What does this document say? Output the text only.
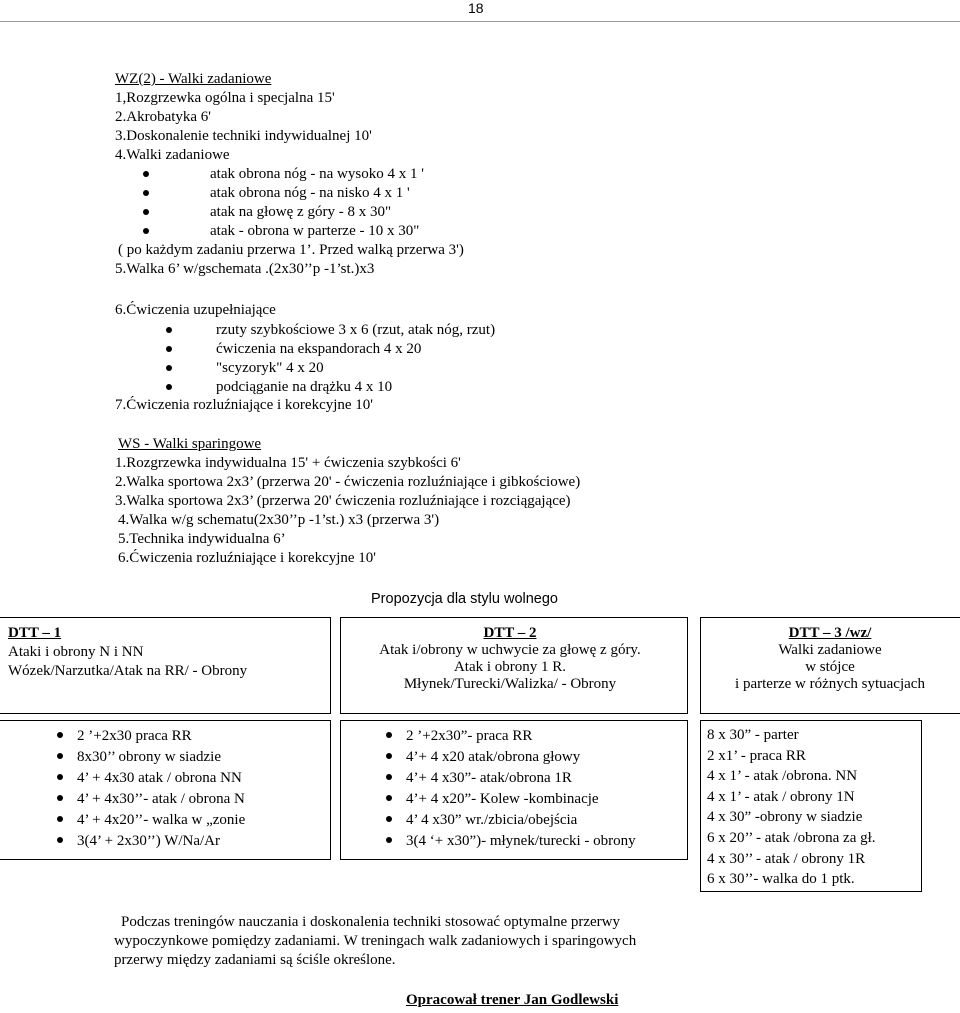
18
WZ(2) - Walki zadaniowe
1,Rozgrzewka ogólna i specjalna 15'
2.Akrobatyka 6'
3.Doskonalenie techniki indywidualnej 10'
4.Walki zadaniowe
atak obrona nóg - na wysoko 4 x 1 '
atak obrona nóg - na nisko 4 x 1 '
atak na głowę z góry - 8 x 30"
atak - obrona w parterze - 10 x 30"
( po każdym zadaniu przerwa 1’. Przed walką przerwa 3')
5.Walka 6’ w/gschemata .(2x30’’p -1’st.)x3
6.Ćwiczenia uzupełniające
rzuty szybkościowe 3 x 6 (rzut, atak nóg, rzut)
ćwiczenia na ekspandorach 4 x 20
"scyzoryk" 4 x 20
podciąganie na drążku 4 x 10
7.Ćwiczenia rozluźniające i korekcyjne 10'
WS - Walki sparingowe
1.Rozgrzewka indywidualna 15' + ćwiczenia szybkości 6'
2.Walka sportowa 2x3’ (przerwa 20' - ćwiczenia rozluźniające i gibkościowe)
3.Walka sportowa 2x3’ (przerwa 20' ćwiczenia rozluźniające i rozciągające)
4.Walka w/g schematu(2x30’’p -1’st.) x3 (przerwa 3')
5.Technika indywidualna 6’
6.Ćwiczenia rozluźniające i korekcyjne 10'
Propozycja dla stylu wolnego
DTT – 1
Ataki i obrony N i NN
Wózek/Narzutka/Atak na RR/ - Obrony
DTT – 2
Atak i/obrony w uchwycie za głowę z góry.
Atak i obrony 1 R.
Młynek/Turecki/Walizka/ - Obrony
DTT – 3 /wz/
Walki zadaniowe
w stójce
i parterze w różnych sytuacjach
2 ’+2x30 praca RR
8x30’’ obrony w siadzie
4’ + 4x30 atak / obrona NN
4’ + 4x30’’- atak / obrona N
4’ + 4x20’’- walka w „zonie
3(4’ + 2x30’’) W/Na/Ar
2 ’+2x30”- praca RR
4’+ 4 x20 atak/obrona głowy
4’+ 4 x30”- atak/obrona 1R
4’+ 4 x20”- Kolew -kombinacje
4’ 4 x30” wr./zbicia/obejścia
3(4 ‘+ x30”)- młynek/turecki - obrony
8 x 30” - parter
2 x1’ - praca RR
4 x 1’ - atak /obrona. NN
4 x 1’ - atak / obrony 1N
4 x 30” -obrony w siadzie
6 x 20’’ - atak /obrona za gł.
4 x 30’’ - atak / obrony 1R
6 x 30’’- walka do 1 ptk.
Podczas treningów nauczania i doskonalenia techniki stosować optymalne przerwy
wypoczynkowe pomiędzy zadaniami. W treningach walk zadaniowych i sparingowych
przerwy między zadaniami są ściśle określone.
Opracował trener Jan Godlewski
